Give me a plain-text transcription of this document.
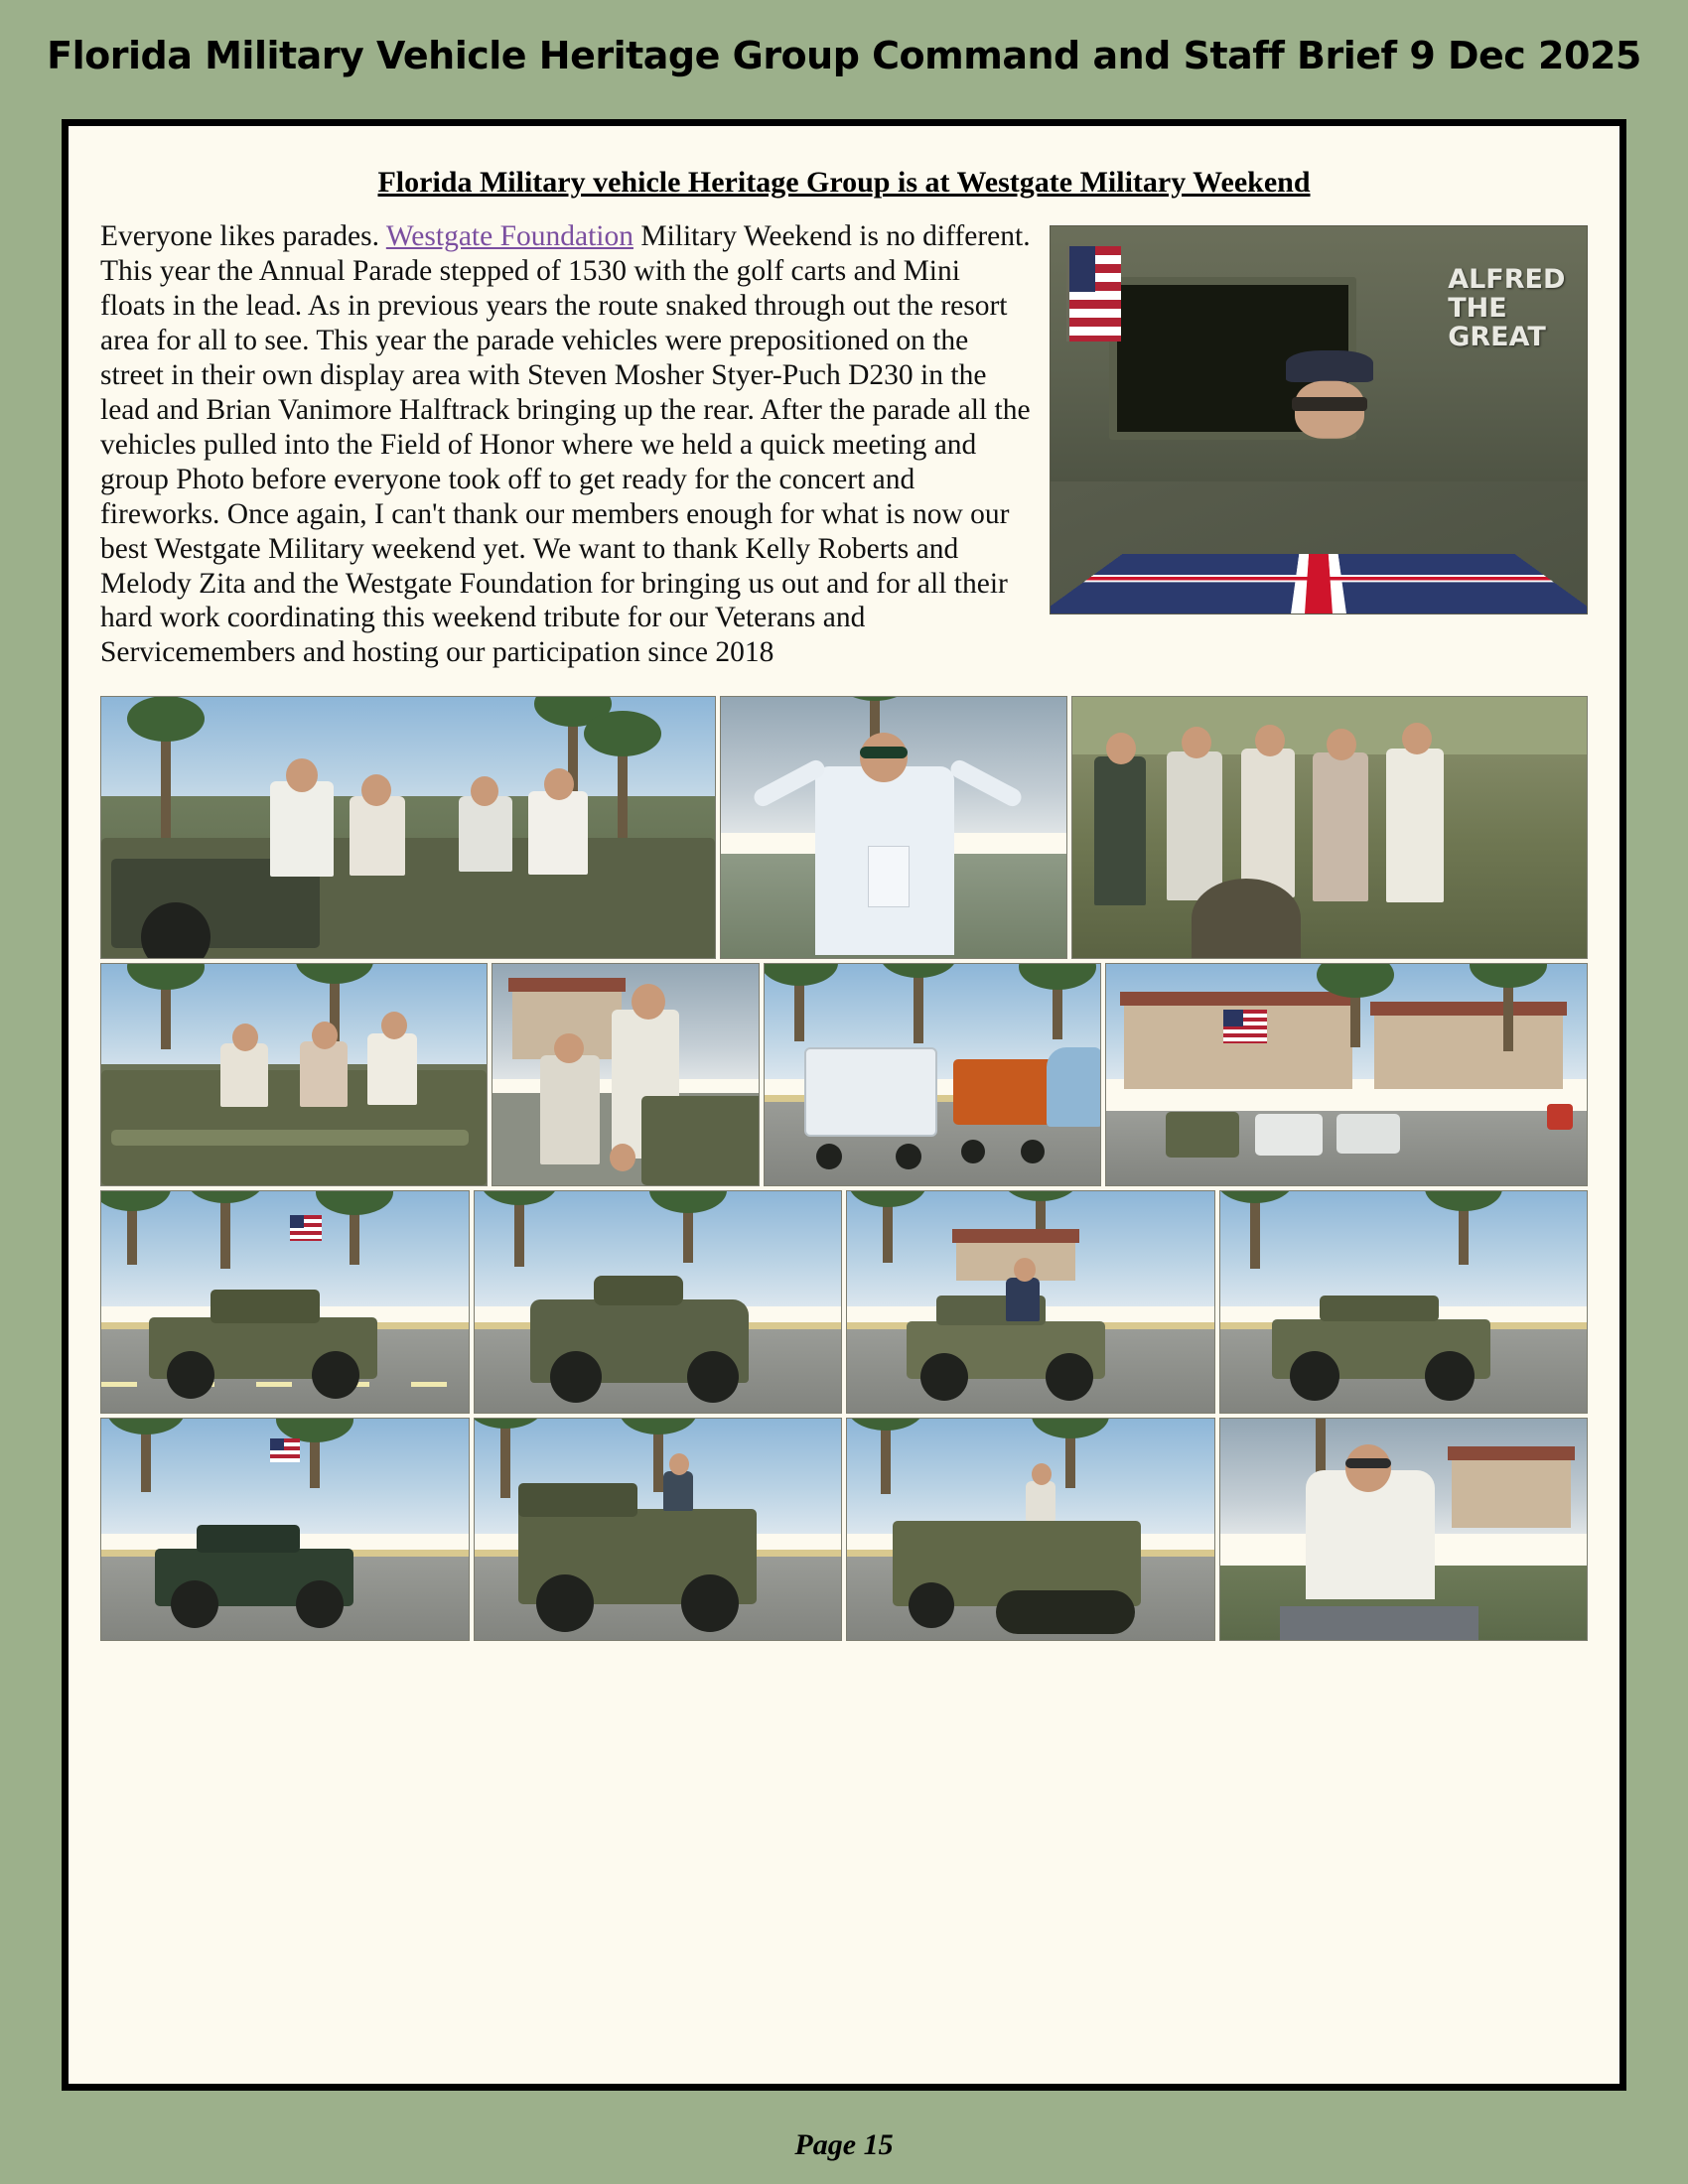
Florida Military Vehicle Heritage Group Command and Staff Brief 9 Dec 2025
Florida Military vehicle Heritage Group is at Westgate Military Weekend
ALFRED
THE
GREAT
Everyone likes parades. Westgate Foundation Military Weekend is no different. This year the Annual Parade stepped of 1530 with the golf carts and Mini floats in the lead. As in previous years the route snaked through out the resort area for all to see. This year the parade vehicles were prepositioned on the street in their own display area with Steven Mosher Styer-Puch D230 in the lead and Brian Vanimore Halftrack bringing up the rear. After the parade all the vehicles pulled into the Field of Honor where we held a quick meeting and group Photo before everyone took off to get ready for the concert and fireworks. Once again, I can't thank our members enough for what is now our best Westgate Military weekend yet. We want to thank Kelly Roberts and Melody Zita and the Westgate Foundation for bringing us out and for all their hard work coordinating this weekend tribute for our Veterans and Servicemembers and hosting our participation since 2018
Page 15
